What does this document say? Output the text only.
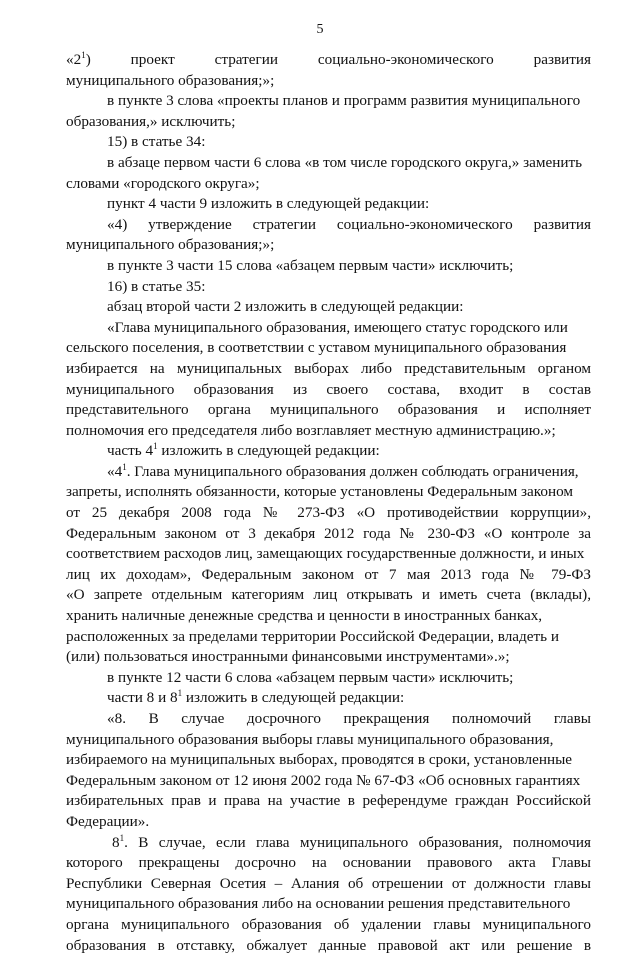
5
«$2^1$) проект стратегии социально-экономического развития
муниципального образования;»;
в пункте 3 слова «проекты планов и программ развития муниципального
образования,» исключить;
15) в статье 34:
в абзаце первом части 6 слова «в том числе городского округа,» заменить
словами «городского округа»;
пункт 4 части 9 изложить в следующей редакции:
«4) утверждение стратегии социально-экономического развития
муниципального образования;»;
в пункте 3 части 15 слова «абзацем первым части» исключить;
16) в статье 35:
абзац второй части 2 изложить в следующей редакции:
«Глава муниципального образования, имеющего статус городского или
сельского поселения, в соответствии с уставом муниципального образования
избирается на муниципальных выборах либо представительным органом
муниципального образования из своего состава, входит в состав
представительного органа муниципального образования и исполняет
полномочия его председателя либо возглавляет местную администрацию.»;
часть $4^1$ изложить в следующей редакции:
«$4^1$. Глава муниципального образования должен соблюдать ограничения,
запреты, исполнять обязанности, которые установлены Федеральным законом
от 25 декабря 2008 года № 273-ФЗ «О противодействии коррупции»,
Федеральным законом от 3 декабря 2012 года № 230-ФЗ «О контроле за
соответствием расходов лиц, замещающих государственные должности, и иных
лиц их доходам», Федеральным законом от 7 мая 2013 года № 79-ФЗ
«О запрете отдельным категориям лиц открывать и иметь счета (вклады),
хранить наличные денежные средства и ценности в иностранных банках,
расположенных за пределами территории Российской Федерации, владеть и
(или) пользоваться иностранными финансовыми инструментами».»;
в пункте 12 части 6 слова «абзацем первым части» исключить;
части 8 и $8^1$ изложить в следующей редакции:
«8. В случае досрочного прекращения полномочий главы
муниципального образования выборы главы муниципального образования,
избираемого на муниципальных выборах, проводятся в сроки, установленные
Федеральным законом от 12 июня 2002 года № 67-ФЗ «Об основных гарантиях
избирательных прав и права на участие в референдуме граждан Российской
Федерации».
$8^1$. В случае, если глава муниципального образования, полномочия
которого прекращены досрочно на основании правового акта Главы
Республики Северная Осетия – Алания об отрешении от должности главы
муниципального образования либо на основании решения представительного
органа муниципального образования об удалении главы муниципального
образования в отставку, обжалует данные правовой акт или решение в
